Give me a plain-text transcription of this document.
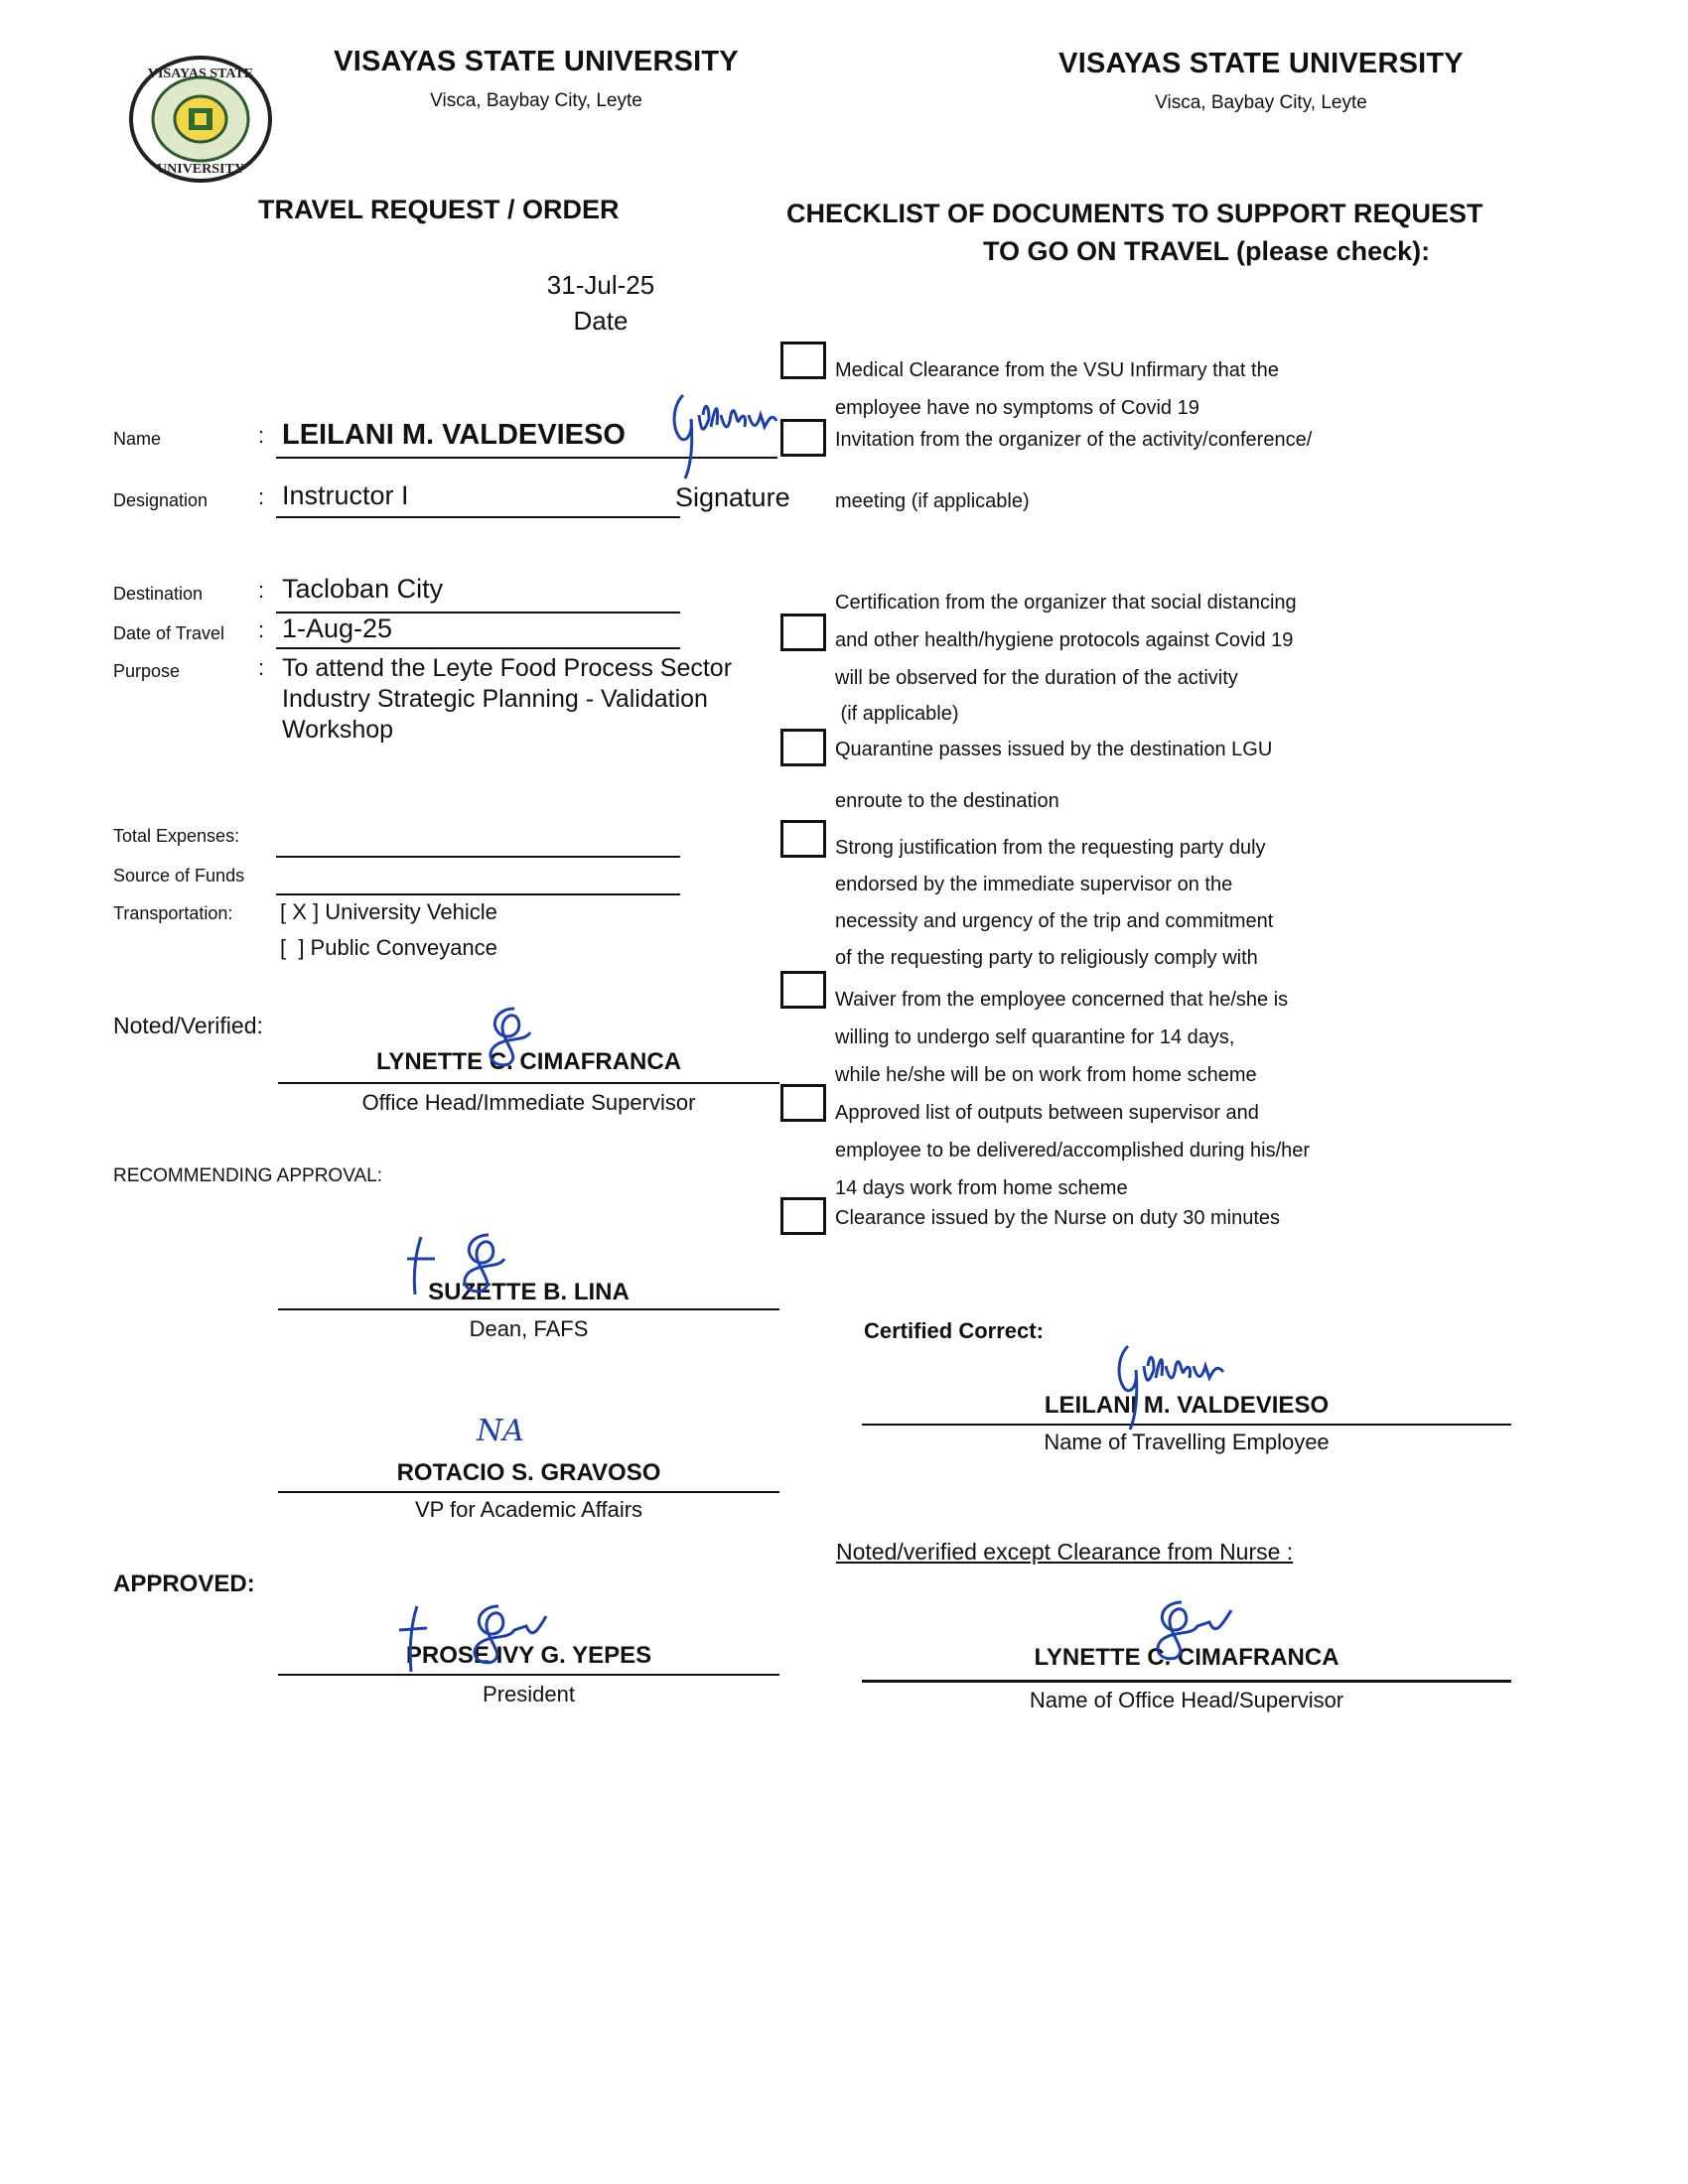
VISAYAS STATE
UNIVERSITY
VISAYAS STATE UNIVERSITY
Visca, Baybay City, Leyte
VISAYAS STATE UNIVERSITY
Visca, Baybay City, Leyte
TRAVEL REQUEST / ORDER
31-Jul-25
Date
CHECKLIST OF DOCUMENTS TO SUPPORT REQUEST
TO GO ON TRAVEL (please check):
Name	: LEILANI M. VALDEVIESO
Designation : Instructor I	Signature
Destination	: Tacloban City
Date of Travel : 1-Aug-25
Purpose	: To attend the Leyte Food Process Sector
Industry Strategic Planning - Validation
Workshop
Total Expenses:
Source of Funds
Transportation: [ X ] University Vehicle
[  ] Public Conveyance
Noted/Verified:
LYNETTE C. CIMAFRANCA
Office Head/Immediate Supervisor
RECOMMENDING APPROVAL:
SUZETTE B. LINA
Dean, FAFS
ROTACIO S. GRAVOSO
VP for Academic Affairs
APPROVED:
PROSE IVY G. YEPES
President
Medical Clearance from the VSU Infirmary that the
employee have no symptoms of Covid 19
Invitation from the organizer of the activity/conference/
meeting (if applicable)
Certification from the organizer that social distancing
and other health/hygiene protocols against Covid 19
will be observed for the duration of the activity
(if applicable)
Quarantine passes issued by the destination LGU
enroute to the destination
Strong justification from the requesting party duly
endorsed by the immediate supervisor on the
necessity and urgency of the trip and commitment
of the requesting party to religiously comply with
Waiver from the employee concerned that he/she is
willing to undergo self quarantine for 14 days,
while he/she will be on work from home scheme
Approved list of outputs between supervisor and
employee to be delivered/accomplished during his/her
14 days work from home scheme
Clearance issued by the Nurse on duty 30 minutes
Certified Correct:
LEILANI M. VALDEVIESO
Name of Travelling Employee
Noted/verified except Clearance from Nurse :
LYNETTE C. CIMAFRANCA
Name of Office Head/Supervisor
NA
